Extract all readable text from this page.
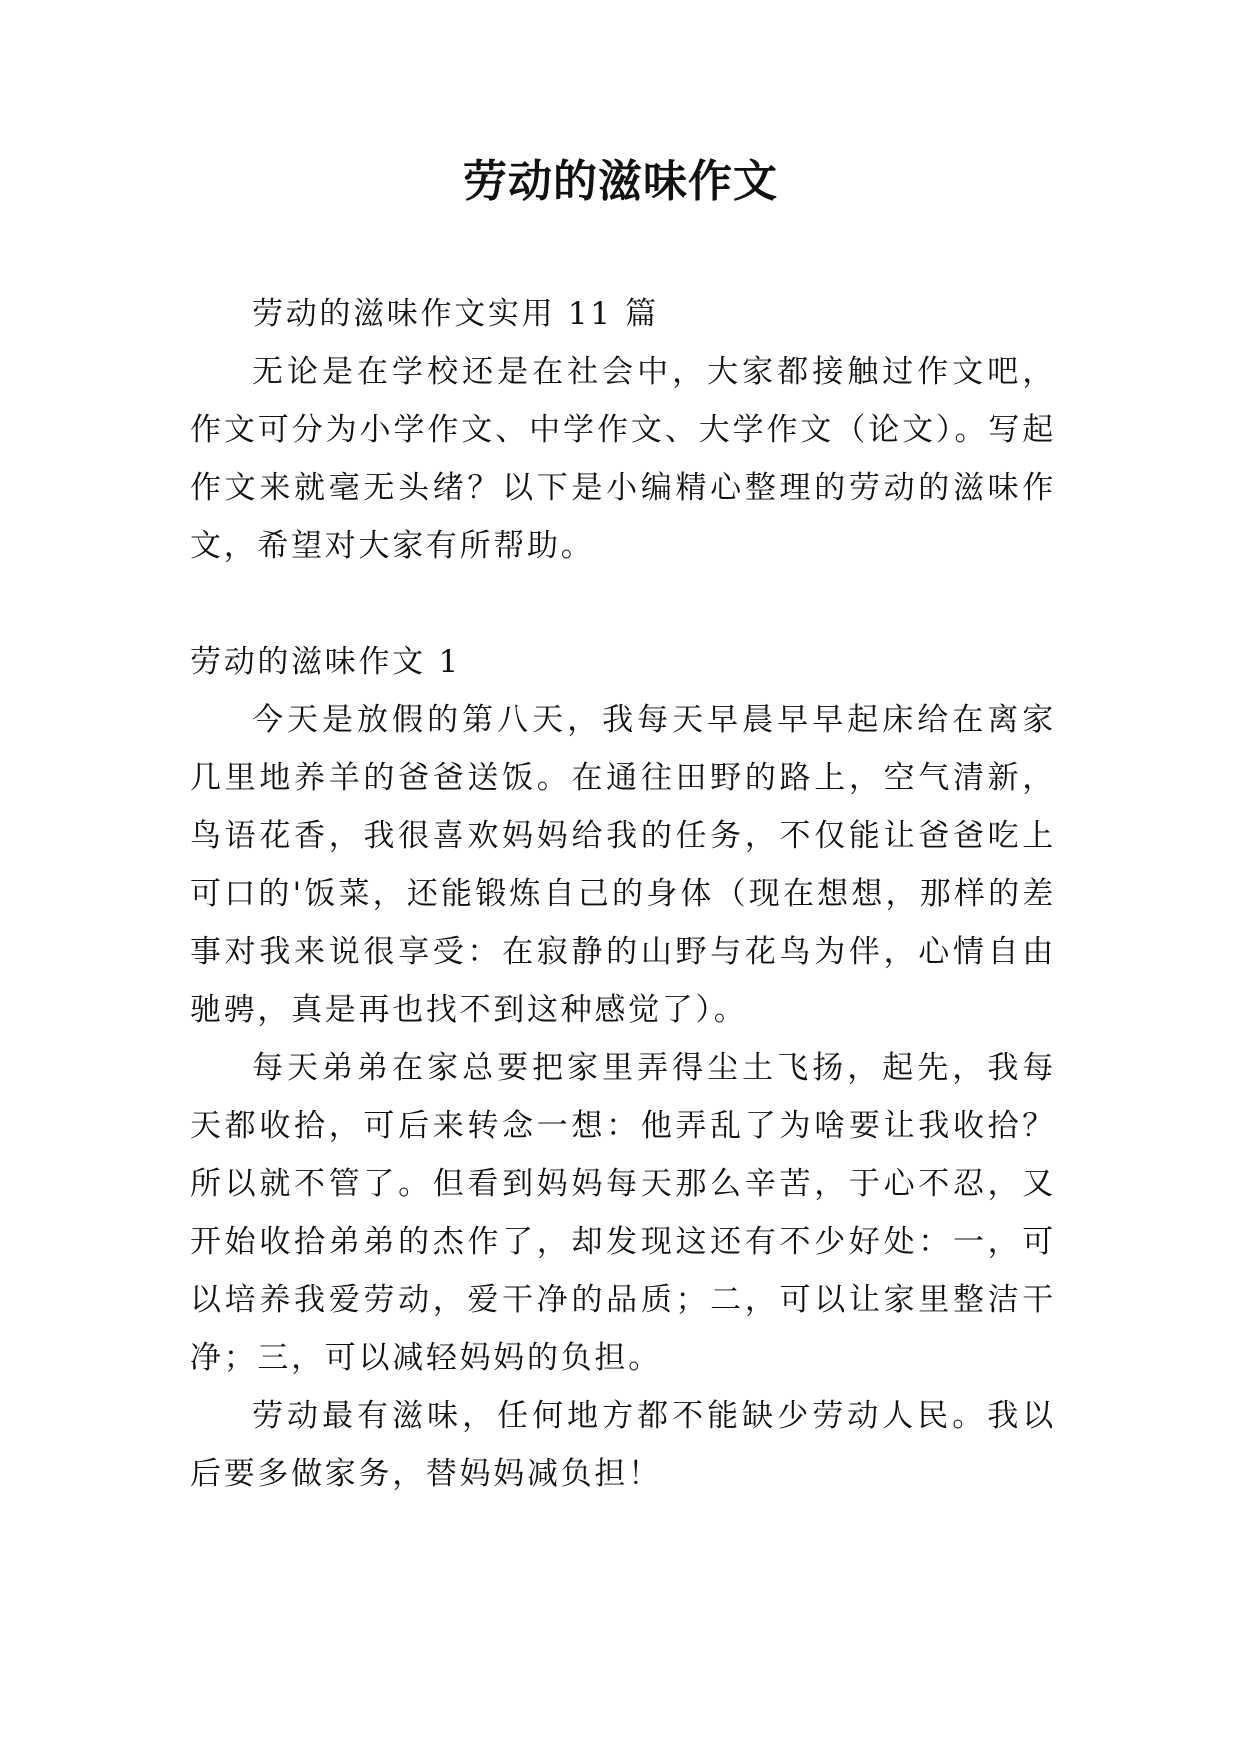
劳动的滋味作文

劳动的滋味作文实用 11 篇

无论是在学校还是在社会中，大家都接触过作文吧，作文可分为小学作文、中学作文、大学作文（论文）。写起作文来就毫无头绪？以下是小编精心整理的劳动的滋味作文，希望对大家有所帮助。

劳动的滋味作文 1

今天是放假的第八天，我每天早晨早早起床给在离家几里地养羊的爸爸送饭。在通往田野的路上，空气清新，鸟语花香，我很喜欢妈妈给我的任务，不仅能让爸爸吃上可口的'饭菜，还能锻炼自己的身体（现在想想，那样的差事对我来说很享受：在寂静的山野与花鸟为伴，心情自由驰骋，真是再也找不到这种感觉了）。

每天弟弟在家总要把家里弄得尘土飞扬，起先，我每天都收拾，可后来转念一想：他弄乱了为啥要让我收拾？所以就不管了。但看到妈妈每天那么辛苦，于心不忍，又开始收拾弟弟的杰作了，却发现这还有不少好处：一，可以培养我爱劳动，爱干净的品质；二，可以让家里整洁干净；三，可以减轻妈妈的负担。

劳动最有滋味，任何地方都不能缺少劳动人民。我以后要多做家务，替妈妈减负担！
